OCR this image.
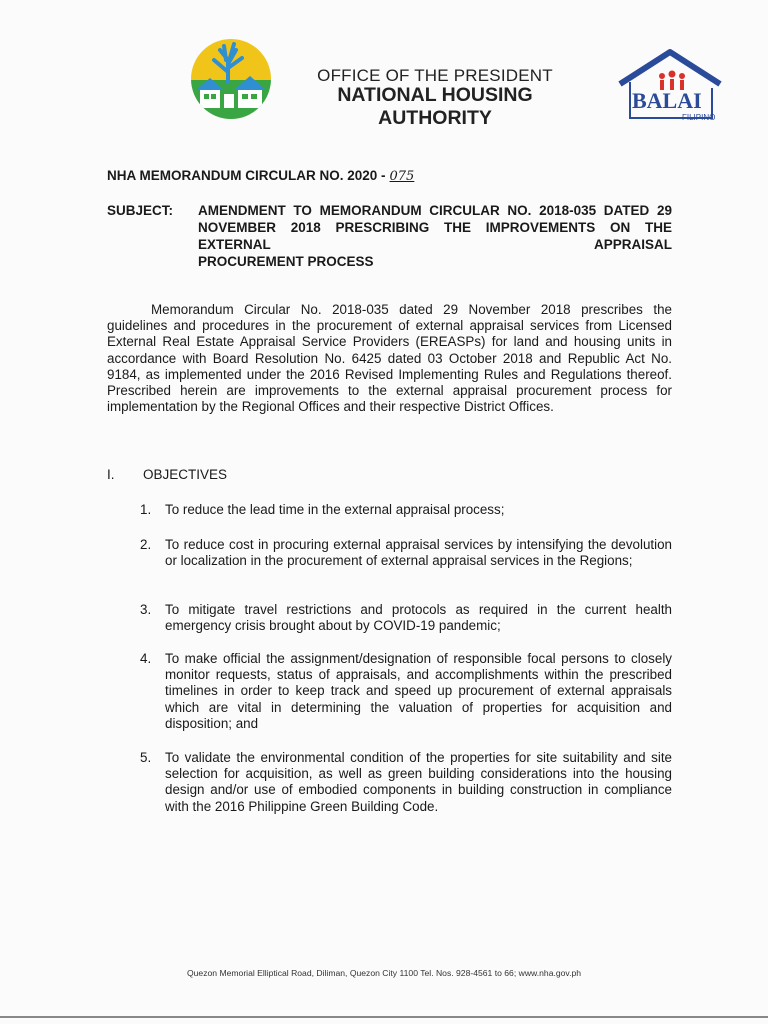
OFFICE OF THE PRESIDENT
NATIONAL HOUSING AUTHORITY
BALAI
FILIPINO
NHA MEMORANDUM CIRCULAR NO. 2020 - 075
SUBJECT: AMENDMENT TO MEMORANDUM CIRCULAR NO. 2018-035 DATED 29 NOVEMBER 2018 PRESCRIBING THE IMPROVEMENTS ON THE EXTERNAL APPRAISAL
PROCUREMENT PROCESS
Memorandum Circular No. 2018-035 dated 29 November 2018 prescribes the guidelines and procedures in the procurement of external appraisal services from Licensed External Real Estate Appraisal Service Providers (EREASPs) for land and housing units in accordance with Board Resolution No. 6425 dated 03 October 2018 and Republic Act No. 9184, as implemented under the 2016 Revised Implementing Rules and Regulations thereof. Prescribed herein are improvements to the external appraisal procurement process for implementation by the Regional Offices and their respective District Offices.
I. OBJECTIVES
1. To reduce the lead time in the external appraisal process;
2. To reduce cost in procuring external appraisal services by intensifying the devolution or localization in the procurement of external appraisal services in the Regions;
3. To mitigate travel restrictions and protocols as required in the current health emergency crisis brought about by COVID-19 pandemic;
4. To make official the assignment/designation of responsible focal persons to closely monitor requests, status of appraisals, and accomplishments within the prescribed timelines in order to keep track and speed up procurement of external appraisals which are vital in determining the valuation of properties for acquisition and disposition; and
5. To validate the environmental condition of the properties for site suitability and site selection for acquisition, as well as green building considerations into the housing design and/or use of embodied components in building construction in compliance with the 2016 Philippine Green Building Code.
Quezon Memorial Elliptical Road, Diliman, Quezon City 1100 Tel. Nos. 928-4561 to 66; www.nha.gov.ph
